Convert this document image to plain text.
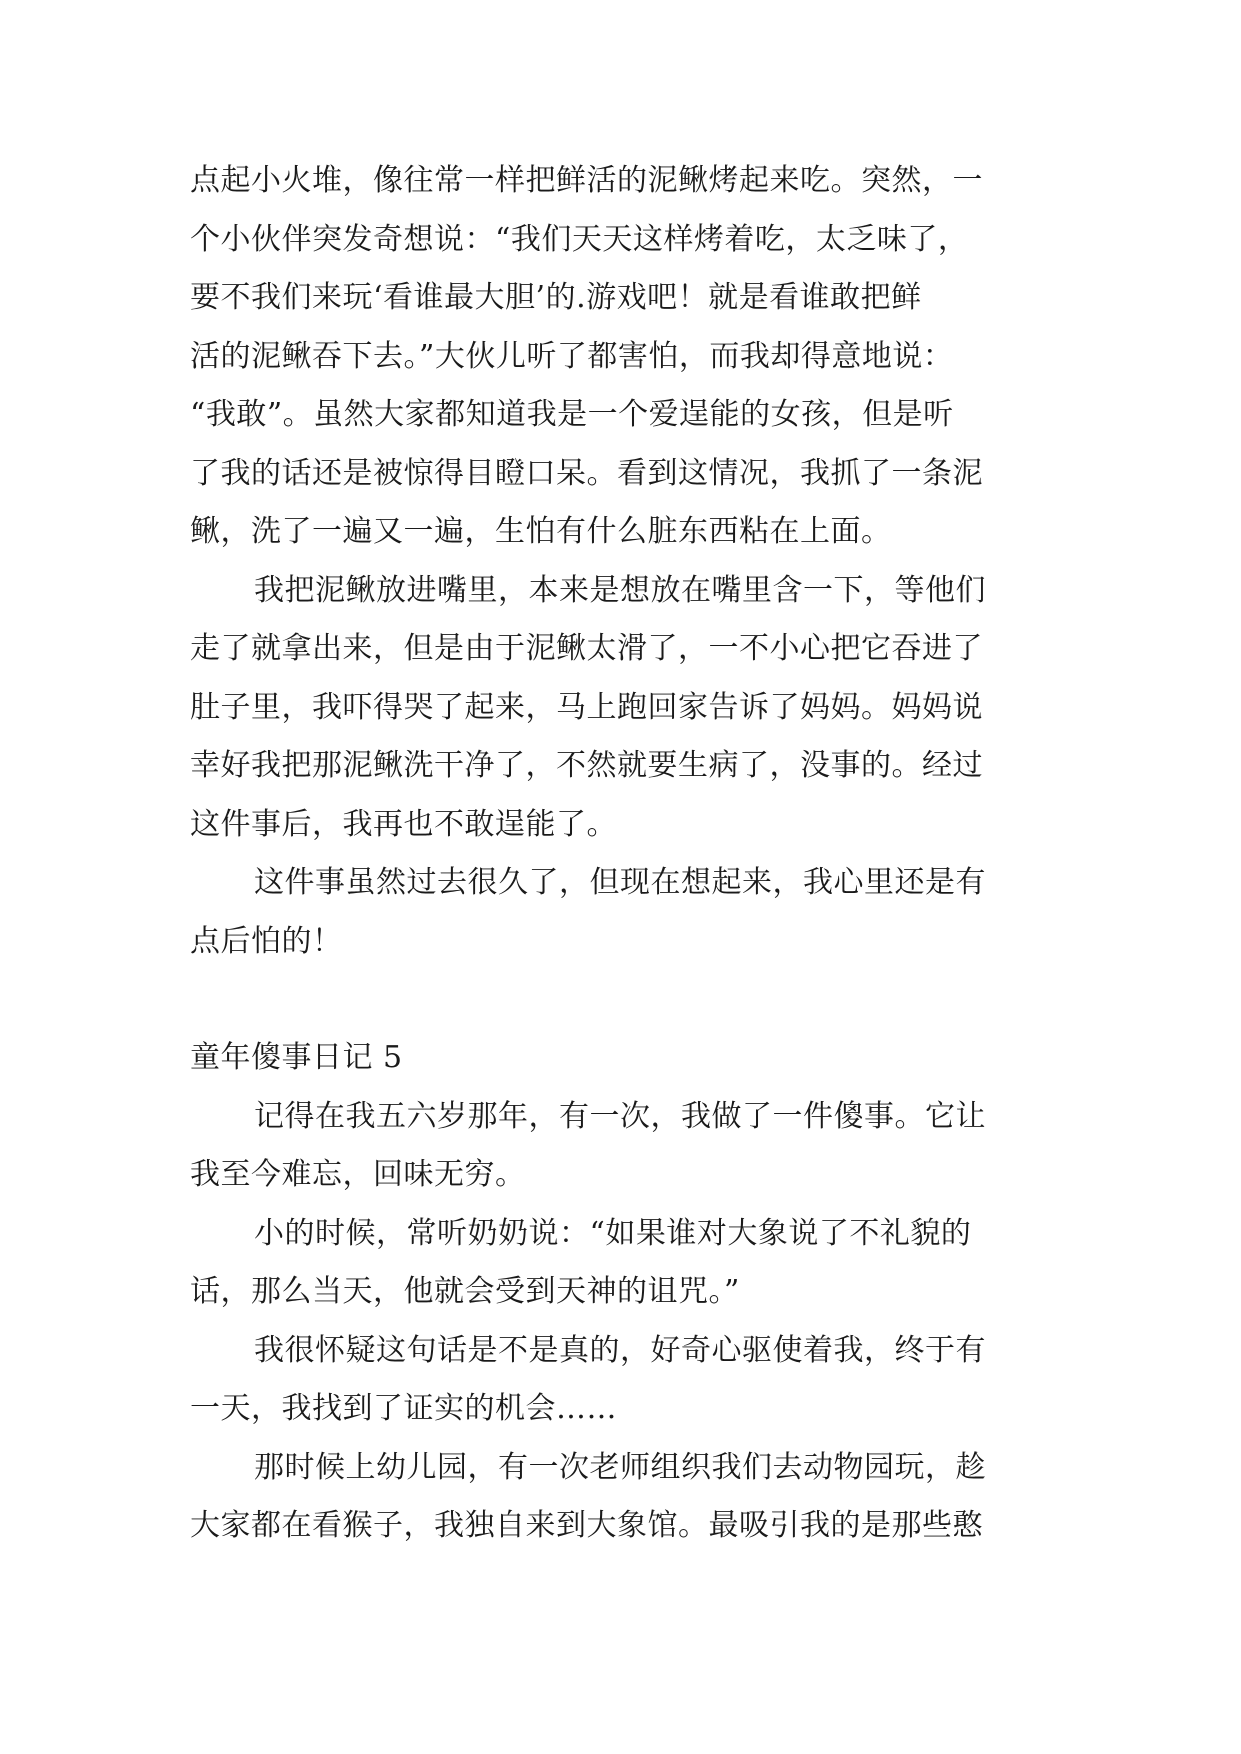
点起小火堆，像往常一样把鲜活的泥鳅烤起来吃。突然，一
个小伙伴突发奇想说：“我们天天这样烤着吃，太乏味了，
要不我们来玩‘看谁最大胆’的.游戏吧！就是看谁敢把鲜
活的泥鳅吞下去。”大伙儿听了都害怕，而我却得意地说：
“我敢”。虽然大家都知道我是一个爱逞能的女孩，但是听
了我的话还是被惊得目瞪口呆。看到这情况，我抓了一条泥
鳅，洗了一遍又一遍，生怕有什么脏东西粘在上面。
我把泥鳅放进嘴里，本来是想放在嘴里含一下，等他们
走了就拿出来，但是由于泥鳅太滑了，一不小心把它吞进了
肚子里，我吓得哭了起来，马上跑回家告诉了妈妈。妈妈说
幸好我把那泥鳅洗干净了，不然就要生病了，没事的。经过
这件事后，我再也不敢逞能了。
这件事虽然过去很久了，但现在想起来，我心里还是有
点后怕的！
童年傻事日记 5
记得在我五六岁那年，有一次，我做了一件傻事。它让
我至今难忘，回味无穷。
小的时候，常听奶奶说：“如果谁对大象说了不礼貌的
话，那么当天，他就会受到天神的诅咒。”
我很怀疑这句话是不是真的，好奇心驱使着我，终于有
一天，我找到了证实的机会……
那时候上幼儿园，有一次老师组织我们去动物园玩，趁
大家都在看猴子，我独自来到大象馆。最吸引我的是那些憨
